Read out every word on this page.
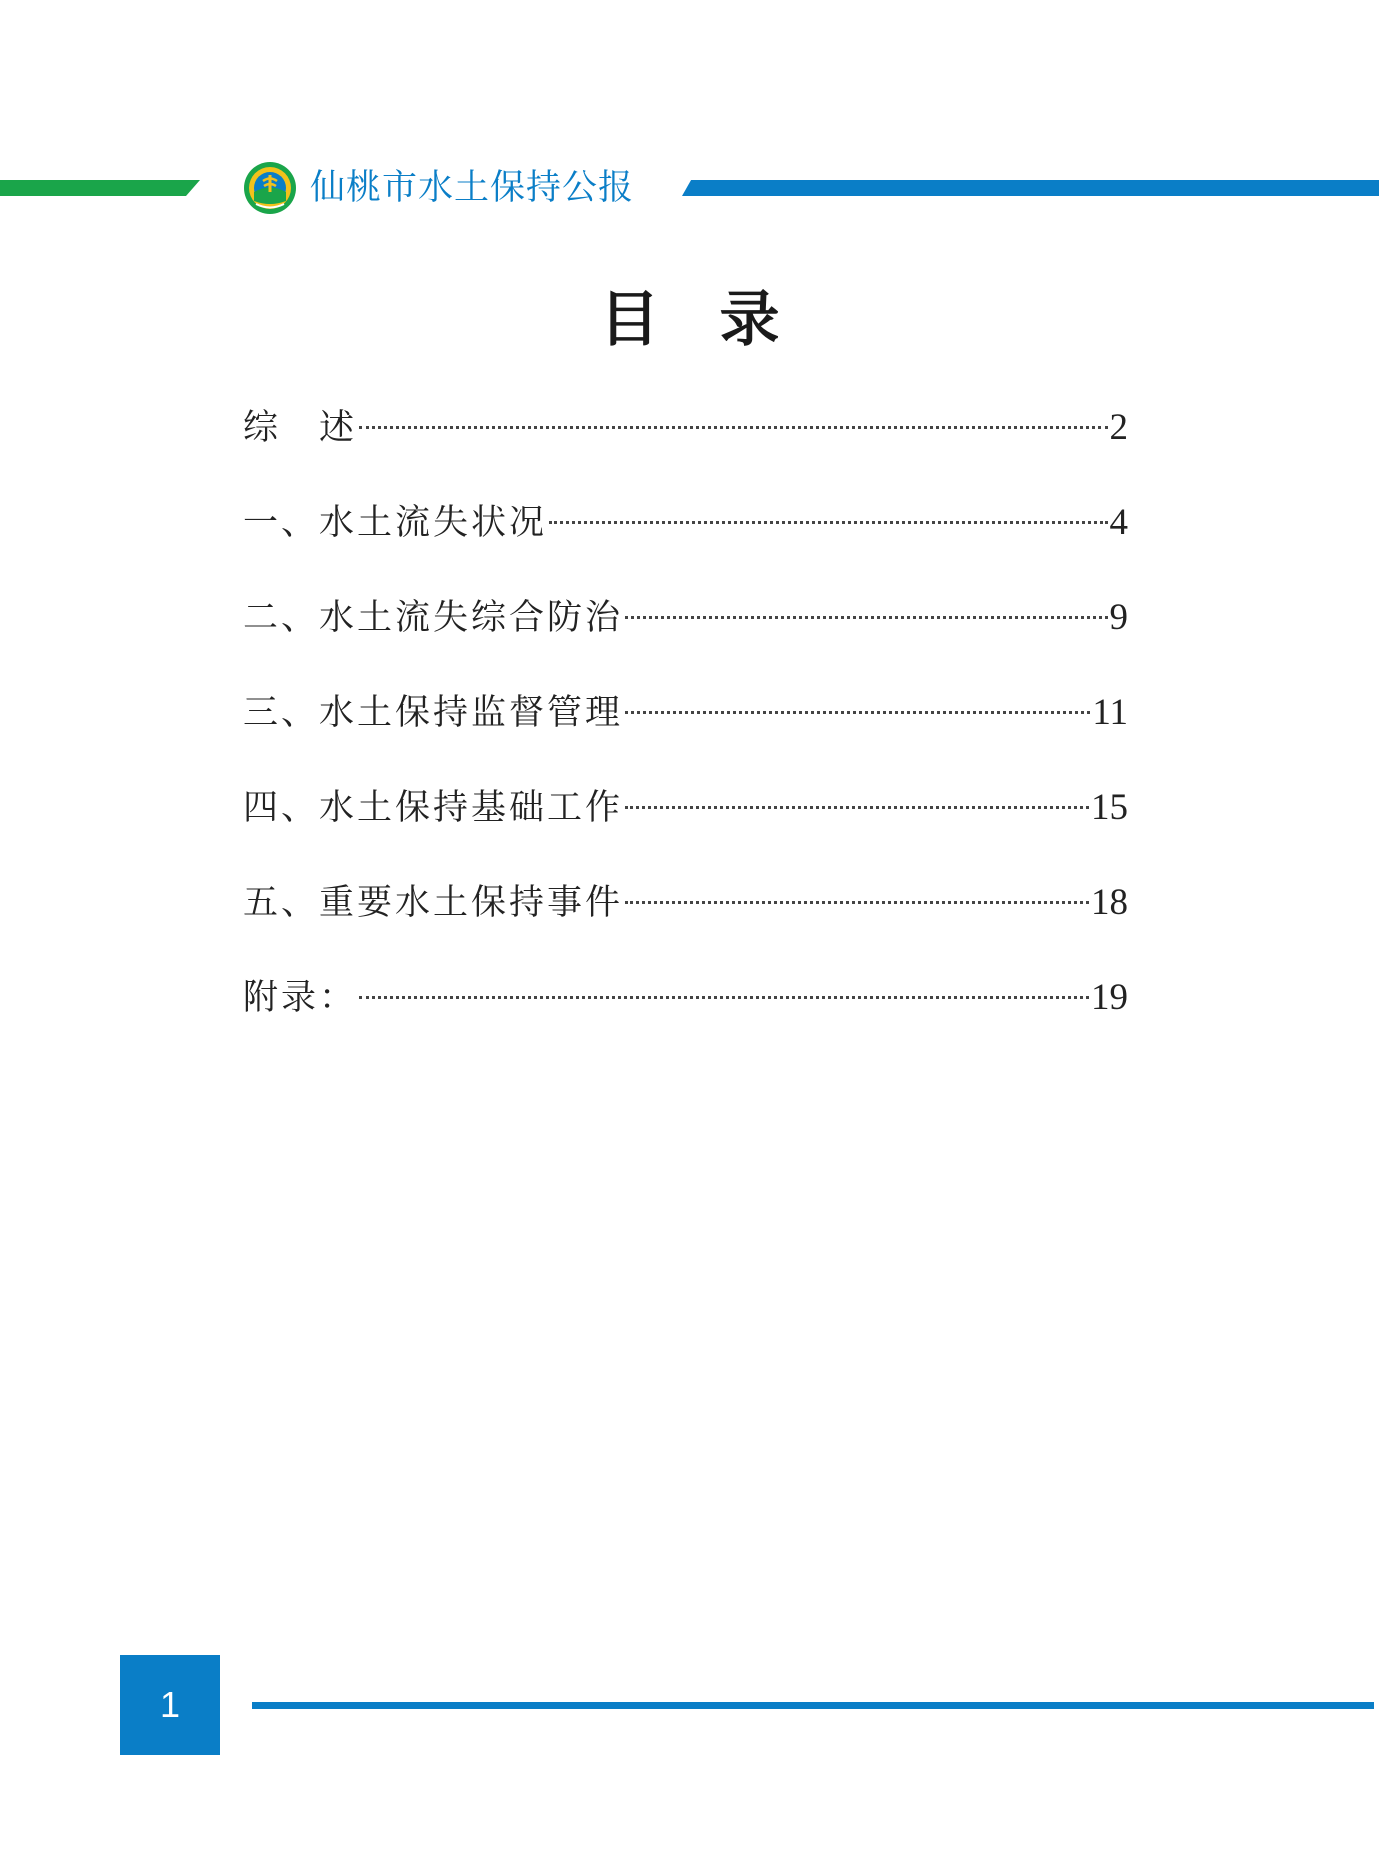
仙桃市水土保持公报
目　录
综　述	2
一、水土流失状况	4
二、水土流失综合防治	9
三、水土保持监督管理	11
四、水土保持基础工作	15
五、重要水土保持事件	18
附录：	19
1
